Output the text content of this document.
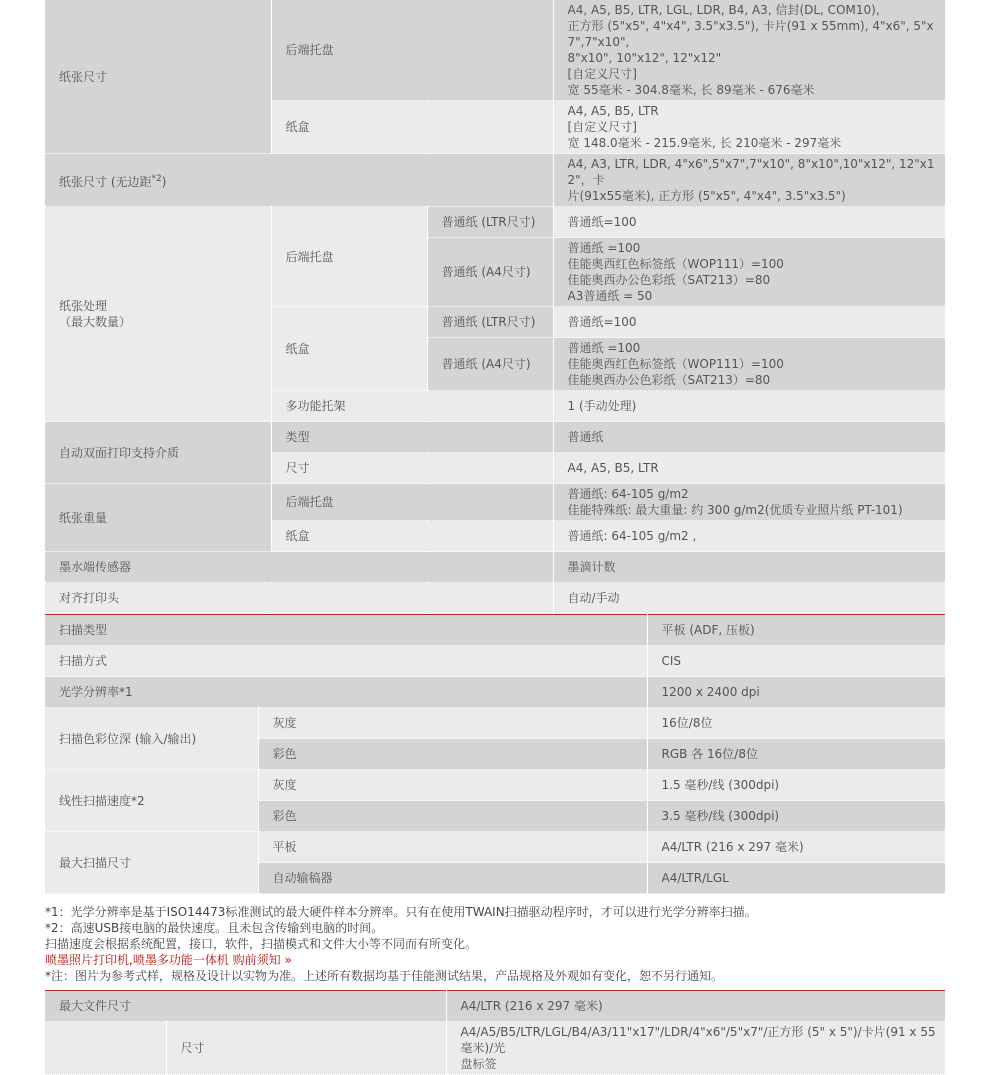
纸张尺寸	后端托盘		A4, A5, B5, LTR, LGL, LDR, B4, A3, 信封(DL, COM10),
正方形 (5"x5", 4"x4", 3.5"x3.5"), 卡片(91 x 55mm), 4"x6", 5"x7",7"x10",
8"x10", 10"x12", 12"x12"
[自定义尺寸]
宽 55毫米 - 304.8毫米, 长 89毫米 - 676毫米

	纸盒		A4, A5, B5, LTR
[自定义尺寸]
宽 148.0毫米 - 215.9毫米, 长 210毫米 - 297毫米

纸张尺寸 (无边距$^{*2}$)			A4, A3, LTR, LDR, 4"x6",5"x7",7"x10", 8"x10",10"x12", 12"x12"，卡
片(91x55毫米), 正方形 (5"x5", 4"x4", 3.5"x3.5")

纸张处理
（最大数量）	后端托盘	普通纸 (LTR尺寸)	普通纸=100
		普通纸 (A4尺寸)	普通纸 =100
佳能奥西红色标签纸（WOP111）=100
佳能奥西办公色彩纸（SAT213）=80
A3普通纸 = 50

	纸盒	普通纸 (LTR尺寸)	普通纸=100
		普通纸 (A4尺寸)	普通纸 =100
佳能奥西红色标签纸（WOP111）=100
佳能奥西办公色彩纸（SAT213）=80

	多功能托架		1 (手动处理)
自动双面打印支持介质	类型		普通纸
	尺寸		A4, A5, B5, LTR
纸张重量	后端托盘		普通纸: 64-105 g/m2
佳能特殊纸: 最大重量: 约 300 g/m2(优质专业照片纸 PT-101)

	纸盒		普通纸: 64-105 g/m2 ,
墨水端传感器			墨滴计数
对齐打印头			自动/手动
扫描类型		平板 (ADF, 压板)
扫描方式		CIS
光学分辨率*1		1200 x 2400 dpi
扫描色彩位深 (输入/输出)	灰度	16位/8位
	彩色	RGB 各 16位/8位
线性扫描速度*2	灰度	1.5 毫秒/线 (300dpi)
	彩色	3.5 毫秒/线 (300dpi)
最大扫描尺寸	平板	A4/LTR (216 x 297 毫米)
	自动输稿器	A4/LTR/LGL
*1：光学分辨率是基于ISO14473标准测试的最大硬件样本分辨率。只有在使用TWAIN扫描驱动程序时，才可以进行光学分辨率扫描。
*2：高速USB接电脑的最快速度。且未包含传输到电脑的时间。
扫描速度会根据系统配置，接口，软件，扫描模式和文件大小等不同而有所变化。
喷墨照片打印机,喷墨多功能一体机 购前须知 »
*注：图片为参考式样，规格及设计以实物为准。上述所有数据均基于佳能测试结果，产品规格及外观如有变化，恕不另行通知。
最大文件尺寸		A4/LTR (216 x 297 毫米)
	尺寸	A4/A5/B5/LTR/LGL/B4/A3/11"x17"/LDR/4"x6"/5"x7"/正方形 (5" x 5")/卡片(91 x 55毫米)/光
盘标签
